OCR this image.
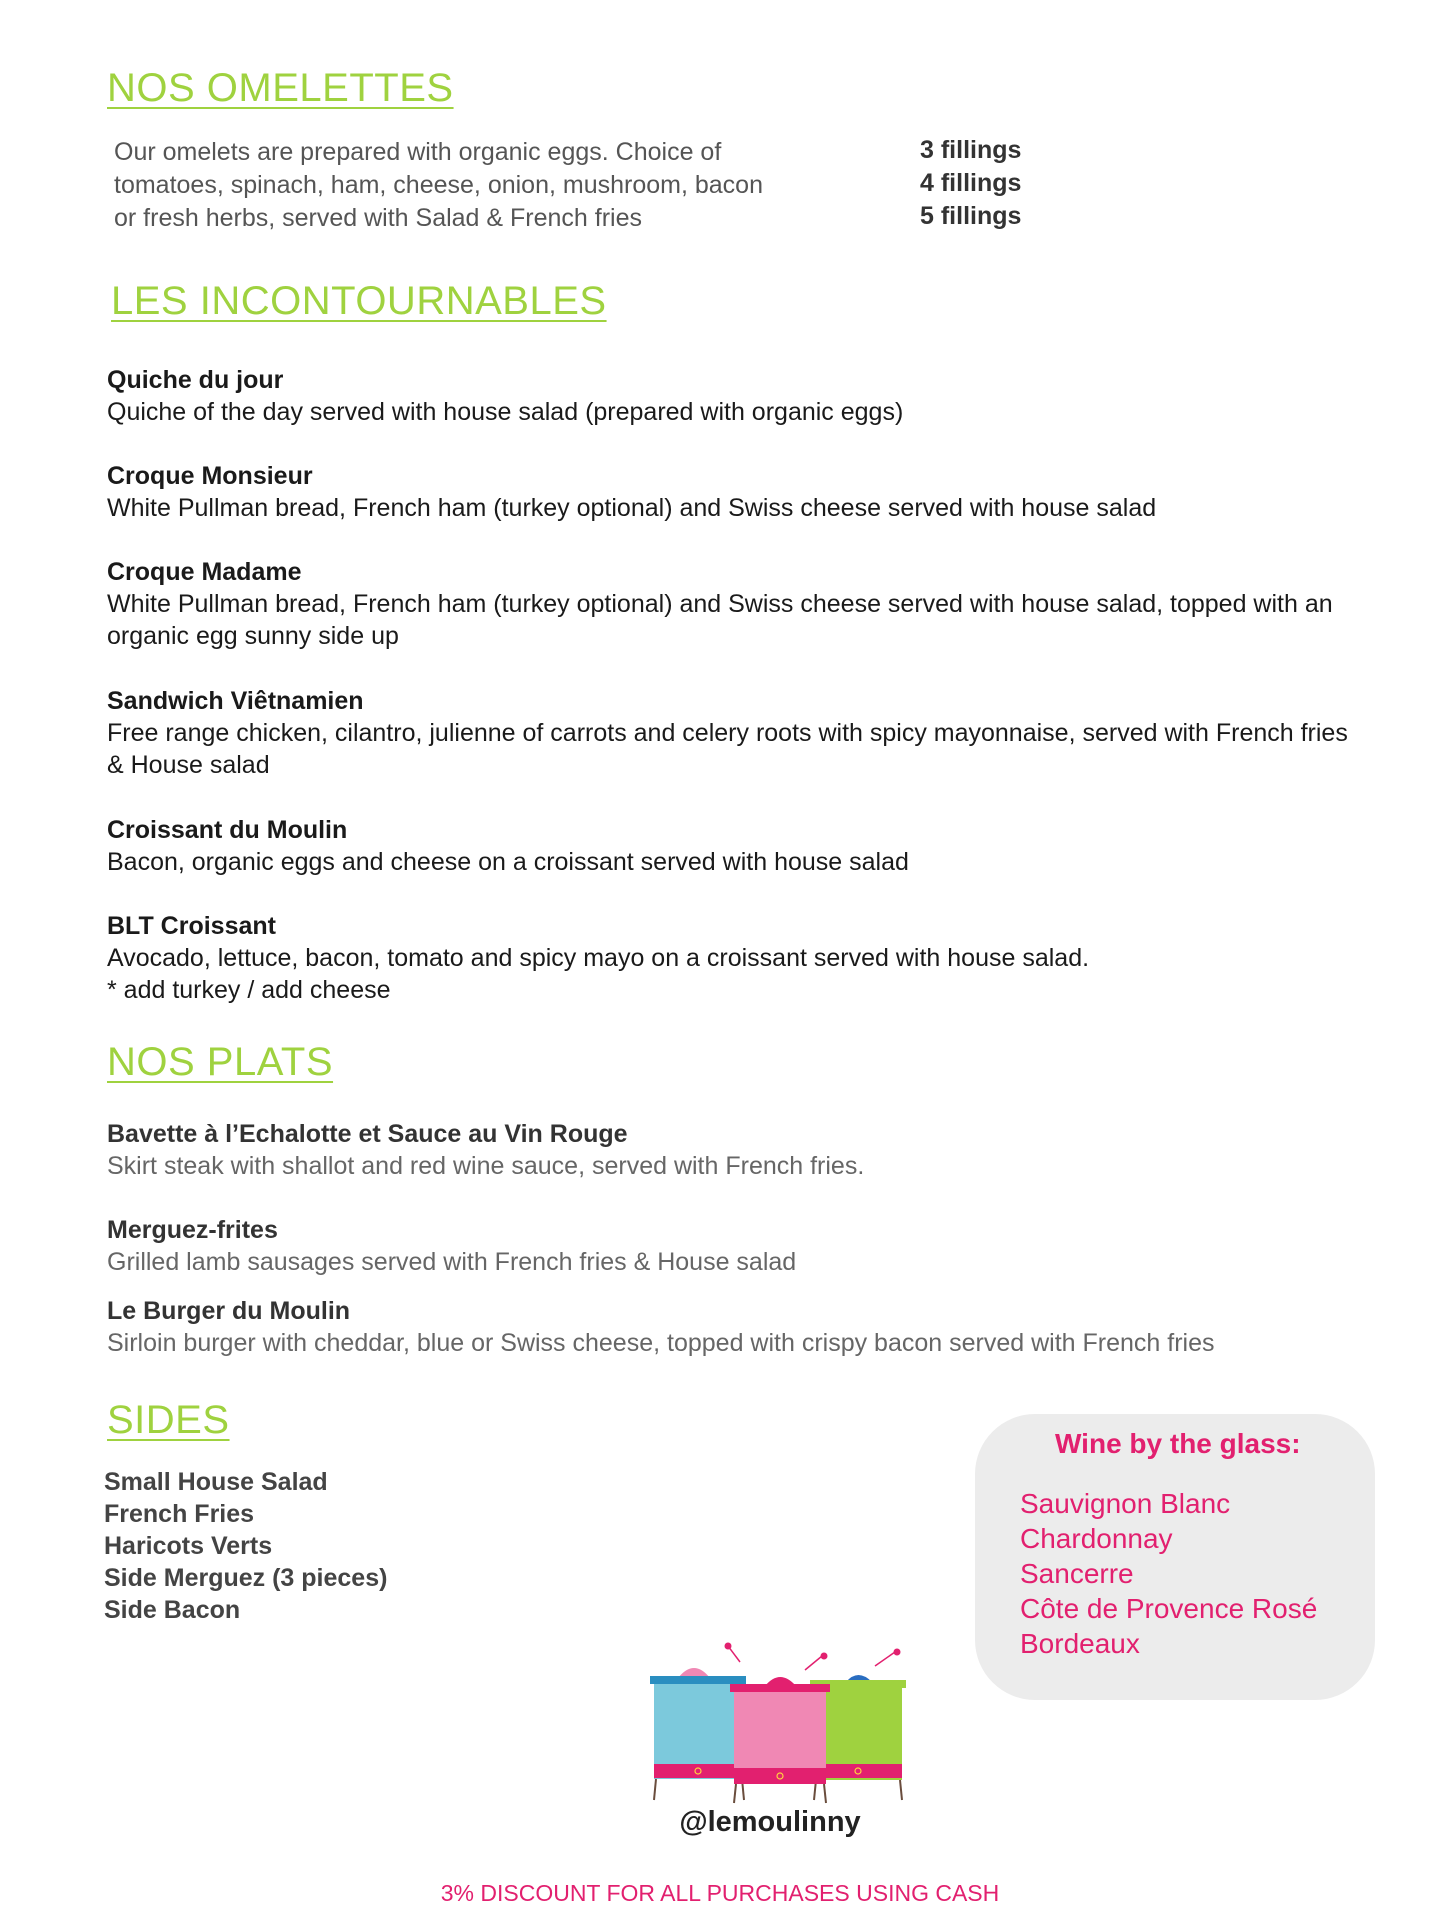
NOS OMELETTES
Our omelets are prepared with organic eggs. Choice of
tomatoes, spinach, ham, cheese, onion, mushroom, bacon
or fresh herbs, served with Salad & French fries
3 fillings
4 fillings
5 fillings
LES INCONTOURNABLES
Quiche du jour
Quiche of the day served with house salad (prepared with organic eggs)
Croque Monsieur
White Pullman bread, French ham (turkey optional) and Swiss cheese served with house salad
Croque Madame
White Pullman bread, French ham (turkey optional) and Swiss cheese served with house salad, topped with an
organic egg sunny side up
Sandwich Viêtnamien
Free range chicken, cilantro, julienne of carrots and celery roots with spicy mayonnaise, served with French fries
& House salad
Croissant du Moulin
Bacon, organic eggs and cheese on a croissant served with house salad
BLT Croissant
Avocado, lettuce, bacon, tomato and spicy mayo on a croissant served with house salad.
* add turkey / add cheese
NOS PLATS
Bavette à l’Echalotte et Sauce au Vin Rouge
Skirt steak with shallot and red wine sauce, served with French fries.
Merguez-frites
Grilled lamb sausages served with French fries & House salad
Le Burger du Moulin
Sirloin burger with cheddar, blue or Swiss cheese, topped with crispy bacon served with French fries
SIDES
Small House Salad
French Fries
Haricots Verts
Side Merguez (3 pieces)
Side Bacon
Wine by the glass:
Sauvignon Blanc
Chardonnay
Sancerre
Côte de Provence Rosé
Bordeaux
@lemoulinny
3% DISCOUNT FOR ALL PURCHASES USING CASH
